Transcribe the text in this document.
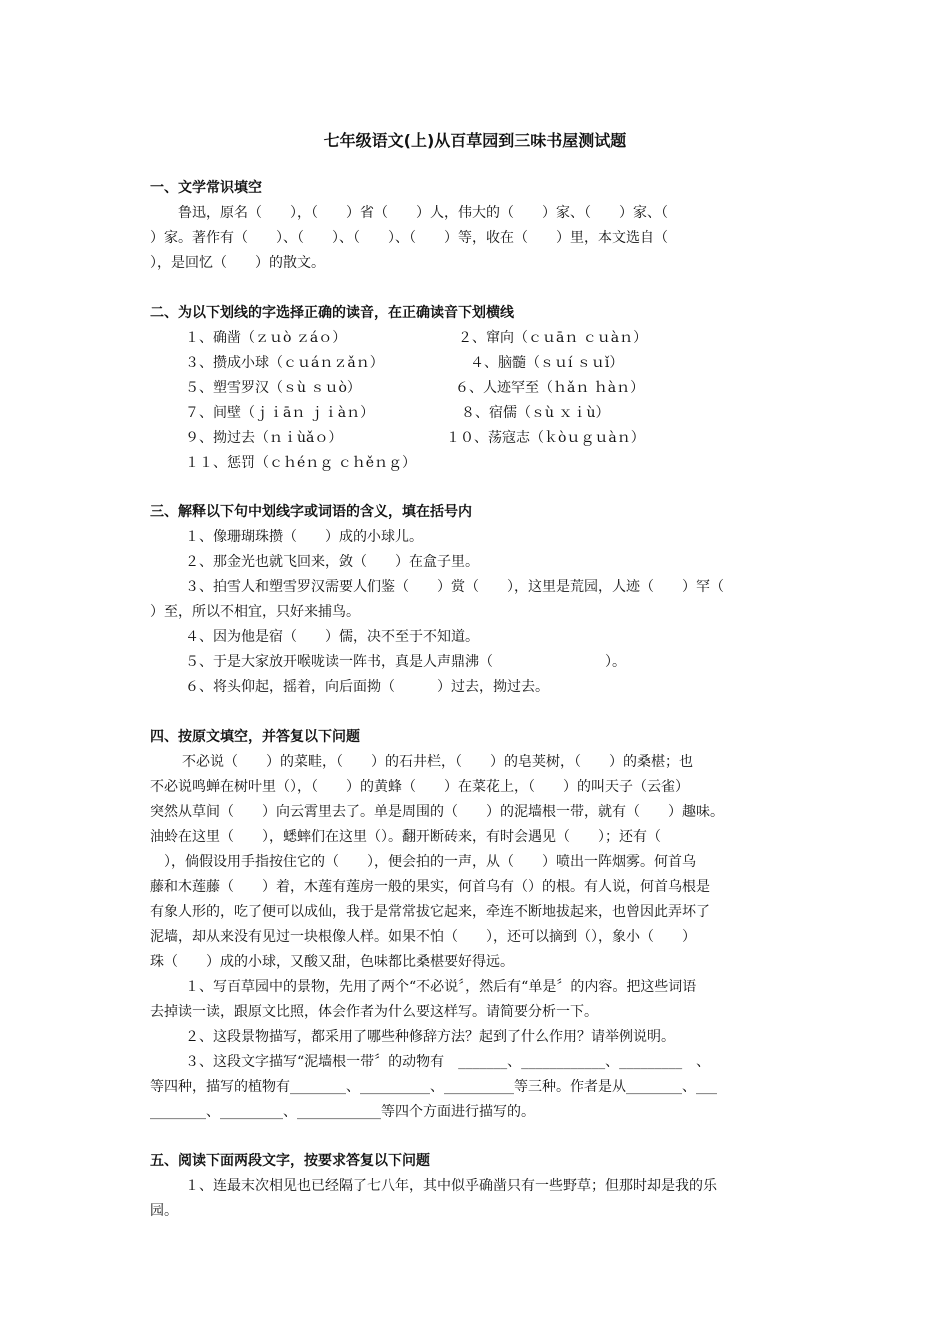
七年级语文(上)从百草园到三味书屋测试题
一、文学常识填空
鲁迅，原名（　　），（　　）省（　　）人，伟大的（　　）家、（　　）家、（
）家。著作有（　　）、（　　）、（　　）、（　　）等，收在（　　）里，本文选自（
），是回忆（　　）的散文。
二、为以下划线的字选择正确的读音，在正确读音下划横线
１、确凿（ｚｕò ｚáｏ）	２、窜向（ｃｕāｎ ｃｕàｎ）
３、攒成小球（ｃｕáｎｚǎｎ）	４、脑髓（ｓｕí ｓｕǐ）
５、塑雪罗汉（ｓù ｓｕò）	６、人迹罕至（ｈǎｎ ｈàｎ）
７、间壁（ｊｉāｎ ｊｉàｎ）	８、宿儒（ｓù ｘｉù）
９、拗过去（ｎｉùǎｏ）	１０、荡寇志（ｋòｕｇｕàｎ）
１１、惩罚（ｃｈéｎｇ ｃｈěｎｇ）
三、解释以下句中划线字或词语的含义，填在括号内
１、像珊瑚珠攒（　　）成的小球儿。
２、那金光也就飞回来，敛（　　）在盒子里。
３、拍雪人和塑雪罗汉需要人们鉴（　　）赏（　　），这里是荒园，人迹（　　）罕（
）至，所以不相宜，只好来捕鸟。
４、因为他是宿（　　）儒，决不至于不知道。
５、于是大家放开喉咙读一阵书，真是人声鼎沸（　　　　　　　　）。
６、将头仰起，摇着，向后面拗（　　　）过去，拗过去。
四、按原文填空，并答复以下问题
不必说（　　）的菜畦，（　　）的石井栏，（　　）的皂荚树，（　　）的桑椹；也
不必说鸣蝉在树叶里（），（　　）的黄蜂（　　）在菜花上，（　　）的叫天子（云雀）
突然从草间（　　）向云霄里去了。单是周围的（　　）的泥墙根一带，就有（　　）趣味。
油蛉在这里（　　），蟋蟀们在这里（）。翻开断砖来，有时会遇见（　　）；还有（
　），倘假设用手指按住它的（　　），便会拍的一声，从（　　）喷出一阵烟雾。何首乌
藤和木莲藤（　　）着，木莲有莲房一般的果实，何首乌有（）的根。有人说，何首乌根是
有象人形的，吃了便可以成仙，我于是常常拔它起来，牵连不断地拔起来，也曾因此弄坏了
泥墙，却从来没有见过一块根像人样。如果不怕（　　），还可以摘到（），象小（　　）
珠（　　）成的小球，又酸又甜，色味都比桑椹要好得远。
１、写百草园中的景物，先用了两个“不必说〞，然后有“单是〞的内容。把这些词语
去掉读一读，跟原文比照，体会作者为什么要这样写。请简要分析一下。
２、这段景物描写，都采用了哪些种修辞方法？起到了什么作用？请举例说明。
３、这段文字描写“泥墙根一带〞的动物有　_______、____________、_________　、
等四种，描写的植物有________、__________、__________等三种。作者是从________、___
________、_________、____________等四个方面进行描写的。
五、阅读下面两段文字，按要求答复以下问题
１、连最末次相见也已经隔了七八年，其中似乎确凿只有一些野草；但那时却是我的乐
园。
